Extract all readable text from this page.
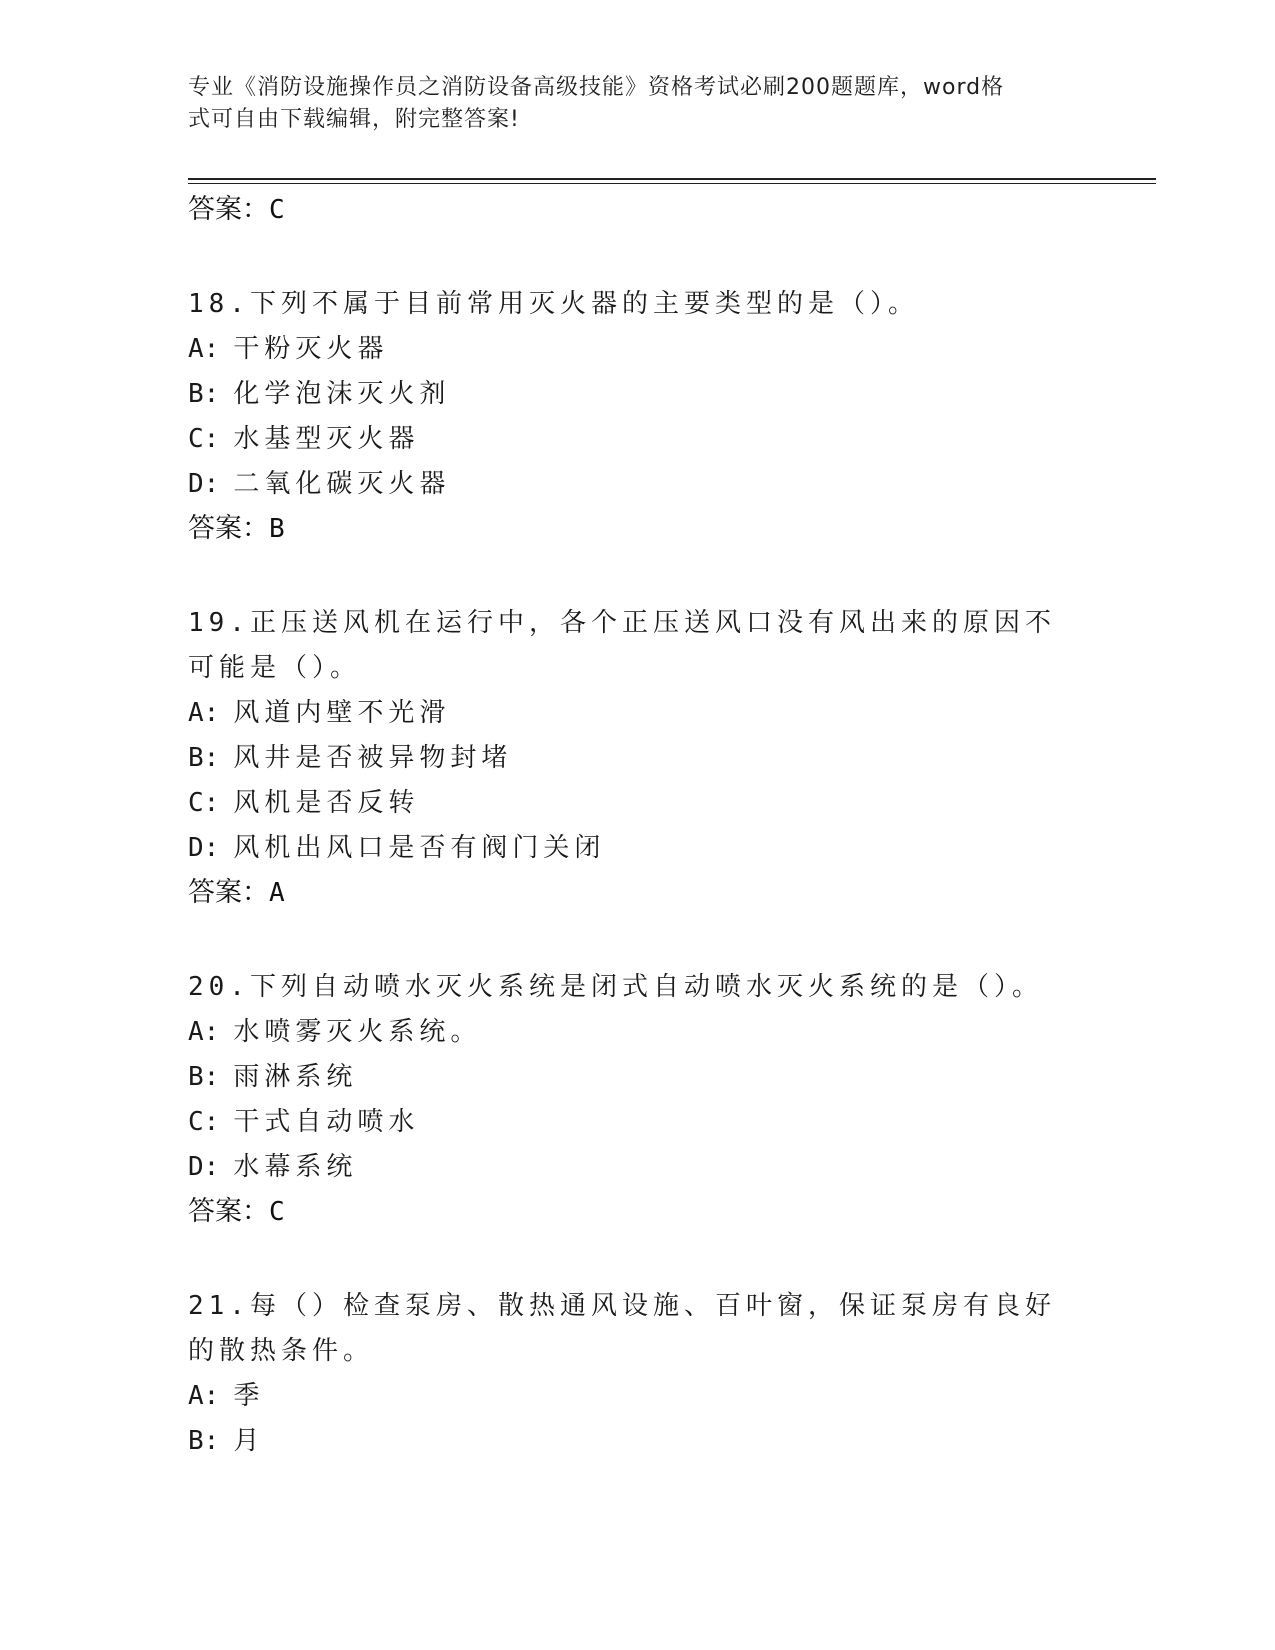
专业《消防设施操作员之消防设备高级技能》资格考试必刷200题题库，word格
式可自由下载编辑，附完整答案!

答案：C

18.下列不属于目前常用灭火器的主要类型的是（）。

A: 干粉灭火器

B: 化学泡沫灭火剂

C: 水基型灭火器

D: 二氧化碳灭火器

答案：B

19.正压送风机在运行中，各个正压送风口没有风出来的原因不可能是（）。

A: 风道内壁不光滑

B: 风井是否被异物封堵

C: 风机是否反转

D: 风机出风口是否有阀门关闭

答案：A

20.下列自动喷水灭火系统是闭式自动喷水灭火系统的是（）。

A: 水喷雾灭火系统。

B: 雨淋系统

C: 干式自动喷水

D: 水幕系统

答案：C

21.每（）检查泵房、散热通风设施、百叶窗，保证泵房有良好的散热条件。

A: 季

B: 月
